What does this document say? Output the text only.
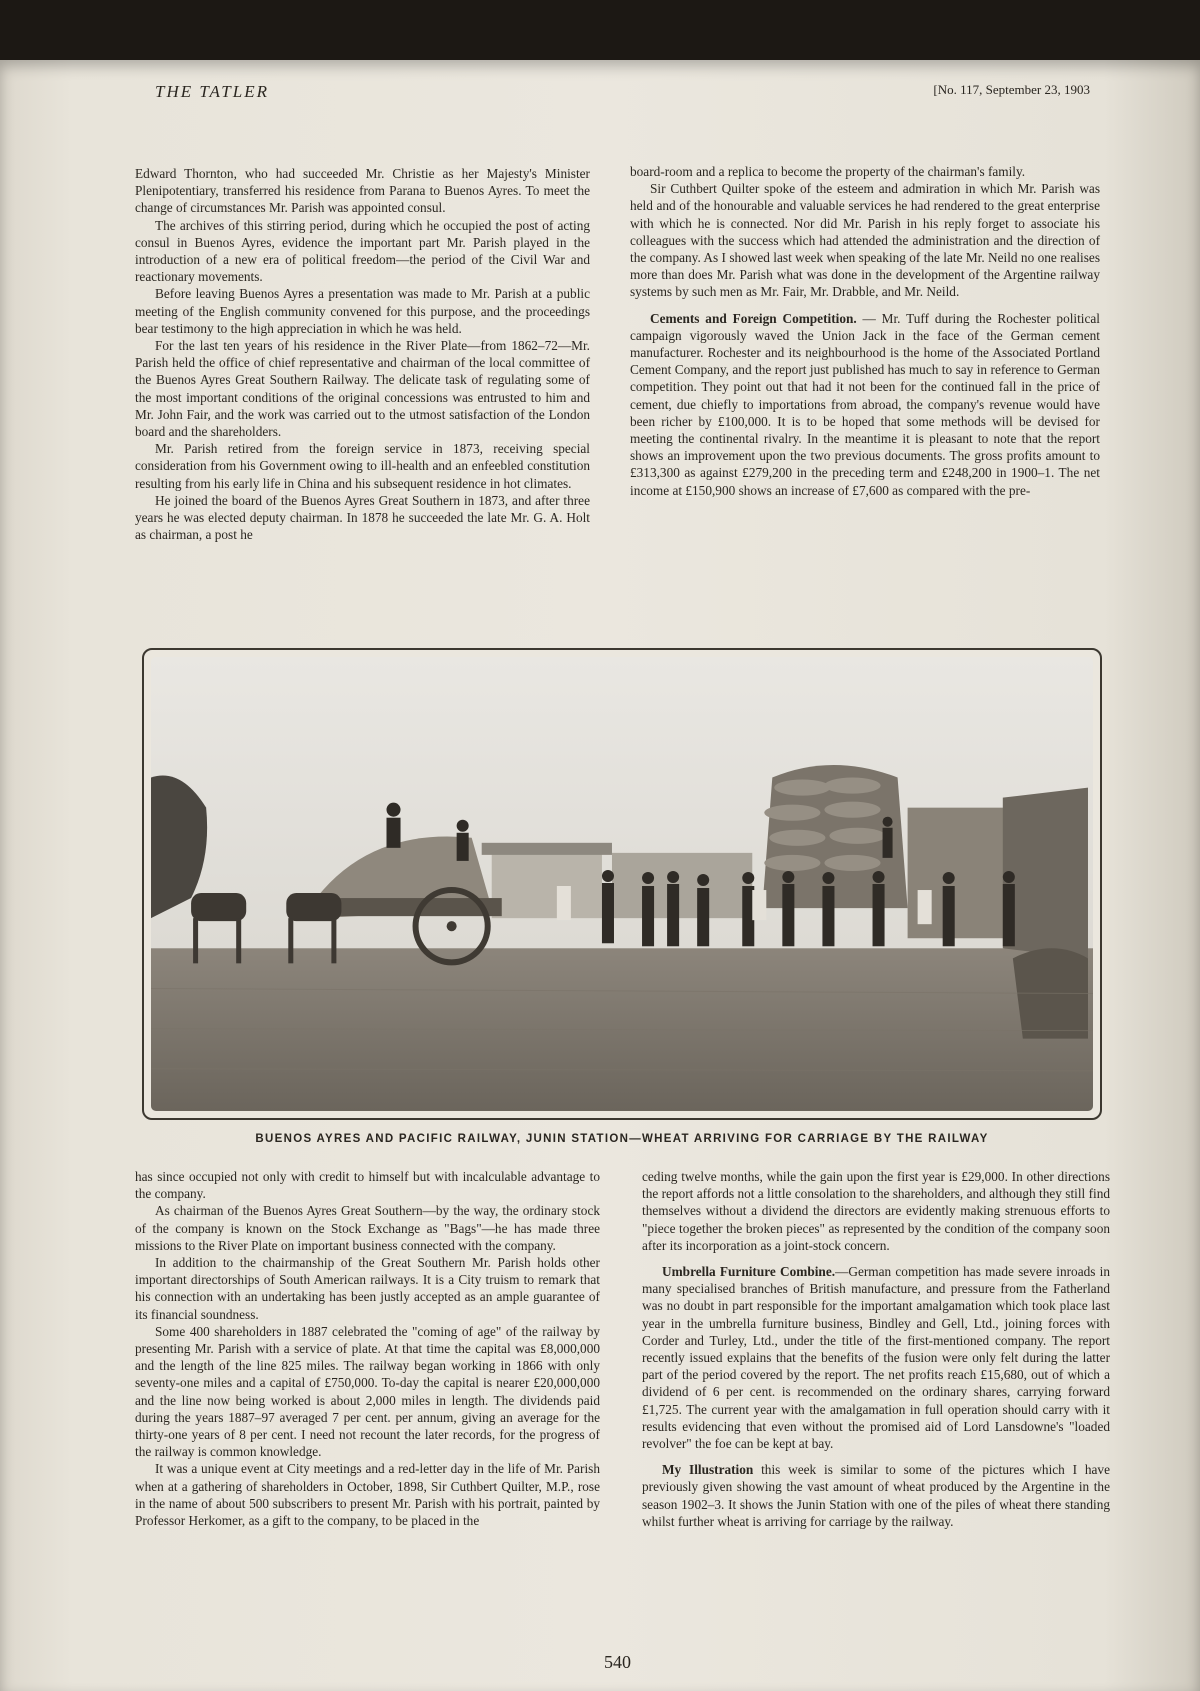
THE TATLER	[No. 117, September 23, 1903

Edward Thornton, who had succeeded Mr. Christie as her Majesty's Minister Plenipotentiary, transferred his residence from Parana to Buenos Ayres. To meet the change of circumstances Mr. Parish was appointed consul.

The archives of this stirring period, during which he occupied the post of acting consul in Buenos Ayres, evidence the important part Mr. Parish played in the introduction of a new era of political freedom—the period of the Civil War and reactionary movements.

Before leaving Buenos Ayres a presentation was made to Mr. Parish at a public meeting of the English community convened for this purpose, and the proceedings bear testimony to the high appreciation in which he was held.

For the last ten years of his residence in the River Plate—from 1862–72—Mr. Parish held the office of chief representative and chairman of the local committee of the Buenos Ayres Great Southern Railway. The delicate task of regulating some of the most important conditions of the original concessions was entrusted to him and Mr. John Fair, and the work was carried out to the utmost satisfaction of the London board and the shareholders.

Mr. Parish retired from the foreign service in 1873, receiving special consideration from his Government owing to ill-health and an enfeebled constitution resulting from his early life in China and his subsequent residence in hot climates.

He joined the board of the Buenos Ayres Great Southern in 1873, and after three years he was elected deputy chairman. In 1878 he succeeded the late Mr. G. A. Holt as chairman, a post he

board-room and a replica to become the property of the chairman's family.

Sir Cuthbert Quilter spoke of the esteem and admiration in which Mr. Parish was held and of the honourable and valuable services he had rendered to the great enterprise with which he is connected. Nor did Mr. Parish in his reply forget to associate his colleagues with the success which had attended the administration and the direction of the company. As I showed last week when speaking of the late Mr. Neild no one realises more than does Mr. Parish what was done in the development of the Argentine railway systems by such men as Mr. Fair, Mr. Drabble, and Mr. Neild.

Cements and Foreign Competition. — Mr. Tuff during the Rochester political campaign vigorously waved the Union Jack in the face of the German cement manufacturer. Rochester and its neighbourhood is the home of the Associated Portland Cement Company, and the report just published has much to say in reference to German competition. They point out that had it not been for the continued fall in the price of cement, due chiefly to importations from abroad, the company's revenue would have been richer by £100,000. It is to be hoped that some methods will be devised for meeting the continental rivalry. In the meantime it is pleasant to note that the report shows an improvement upon the two previous documents. The gross profits amount to £313,300 as against £279,200 in the preceding term and £248,200 in 1900–1. The net income at £150,900 shows an increase of £7,600 as compared with the pre-

BUENOS AYRES AND PACIFIC RAILWAY, JUNIN STATION—WHEAT ARRIVING FOR CARRIAGE BY THE RAILWAY

has since occupied not only with credit to himself but with incalculable advantage to the company.

As chairman of the Buenos Ayres Great Southern—by the way, the ordinary stock of the company is known on the Stock Exchange as "Bags"—he has made three missions to the River Plate on important business connected with the company.

In addition to the chairmanship of the Great Southern Mr. Parish holds other important directorships of South American railways. It is a City truism to remark that his connection with an undertaking has been justly accepted as an ample guarantee of its financial soundness.

Some 400 shareholders in 1887 celebrated the "coming of age" of the railway by presenting Mr. Parish with a service of plate. At that time the capital was £8,000,000 and the length of the line 825 miles. The railway began working in 1866 with only seventy-one miles and a capital of £750,000. To-day the capital is nearer £20,000,000 and the line now being worked is about 2,000 miles in length. The dividends paid during the years 1887–97 averaged 7 per cent. per annum, giving an average for the thirty-one years of 8 per cent. I need not recount the later records, for the progress of the railway is common knowledge.

It was a unique event at City meetings and a red-letter day in the life of Mr. Parish when at a gathering of shareholders in October, 1898, Sir Cuthbert Quilter, M.P., rose in the name of about 500 subscribers to present Mr. Parish with his portrait, painted by Professor Herkomer, as a gift to the company, to be placed in the

ceding twelve months, while the gain upon the first year is £29,000. In other directions the report affords not a little consolation to the shareholders, and although they still find themselves without a dividend the directors are evidently making strenuous efforts to "piece together the broken pieces" as represented by the condition of the company soon after its incorporation as a joint-stock concern.

Umbrella Furniture Combine.—German competition has made severe inroads in many specialised branches of British manufacture, and pressure from the Fatherland was no doubt in part responsible for the important amalgamation which took place last year in the umbrella furniture business, Bindley and Gell, Ltd., joining forces with Corder and Turley, Ltd., under the title of the first-mentioned company. The report recently issued explains that the benefits of the fusion were only felt during the latter part of the period covered by the report. The net profits reach £15,680, out of which a dividend of 6 per cent. is recommended on the ordinary shares, carrying forward £1,725. The current year with the amalgamation in full operation should carry with it results evidencing that even without the promised aid of Lord Lansdowne's "loaded revolver" the foe can be kept at bay.

My Illustration this week is similar to some of the pictures which I have previously given showing the vast amount of wheat produced by the Argentine in the season 1902–3. It shows the Junin Station with one of the piles of wheat there standing whilst further wheat is arriving for carriage by the railway.

540
